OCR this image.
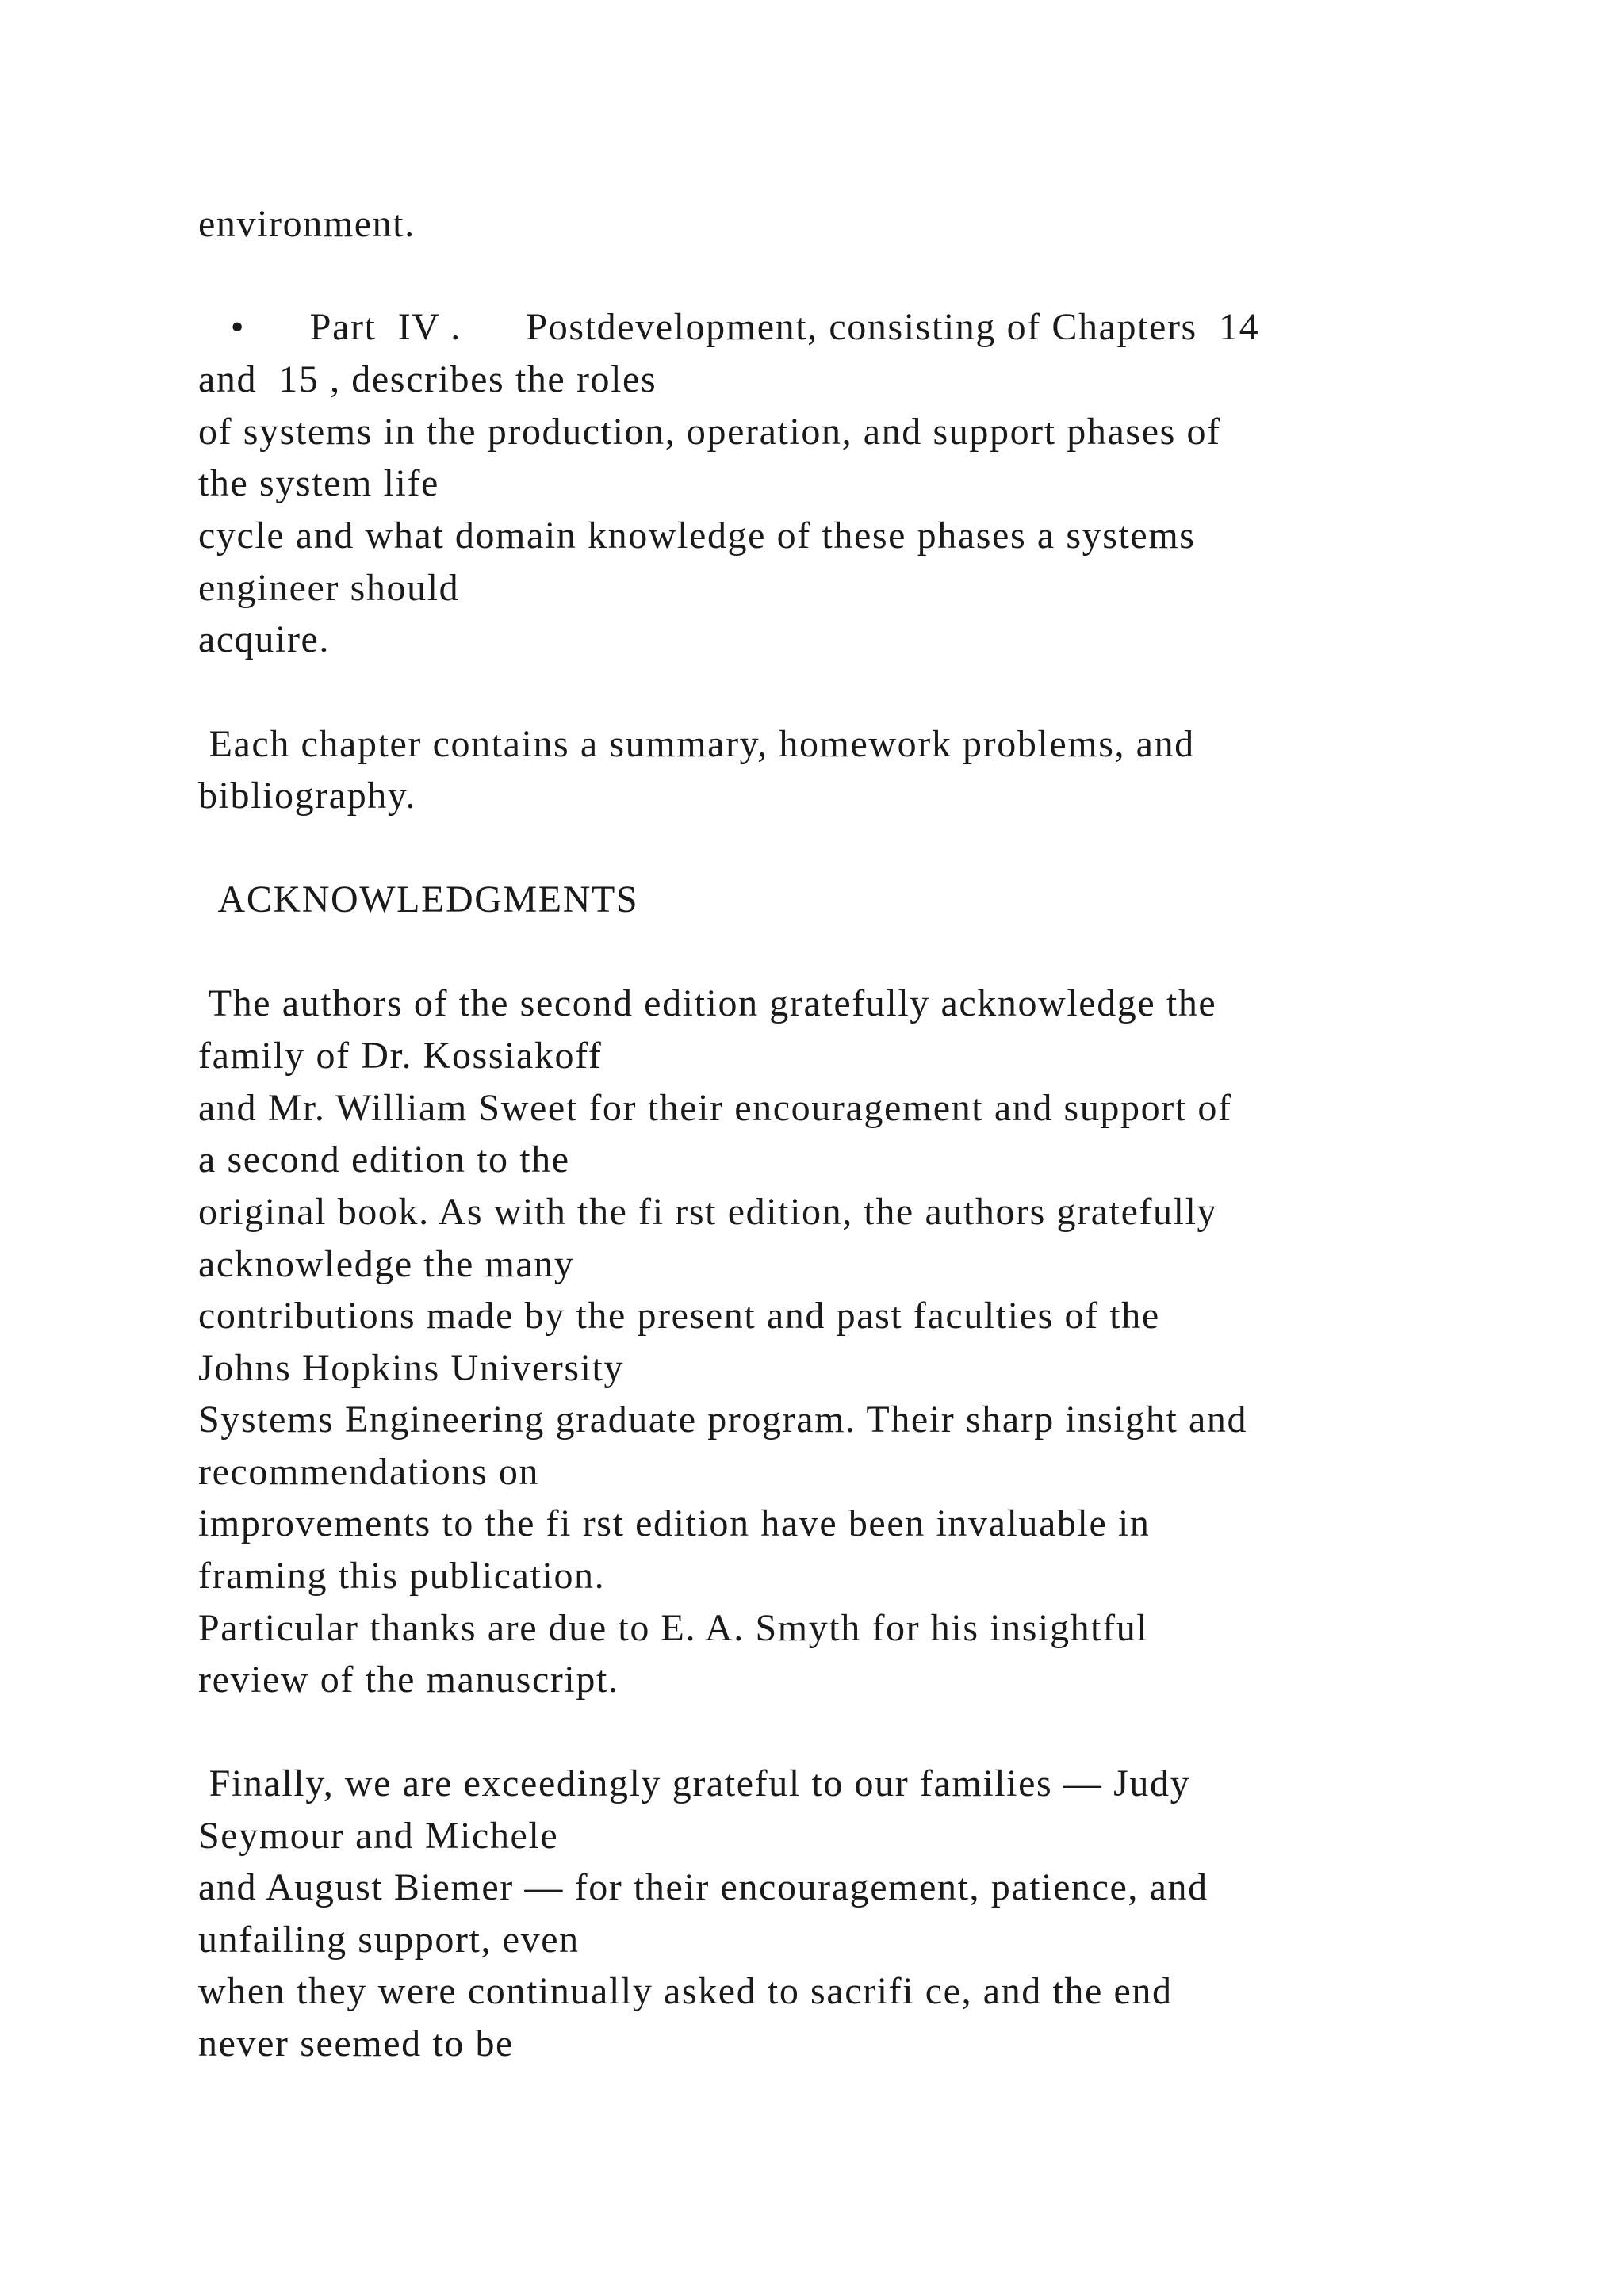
environment.

•      Part  IV .      Postdevelopment, consisting of Chapters  14

and  15 , describes the roles

of systems in the production, operation, and support phases of

the system life

cycle and what domain knowledge of these phases a systems

engineer should

acquire.

Each chapter contains a summary, homework problems, and

bibliography.

ACKNOWLEDGMENTS

The authors of the second edition gratefully acknowledge the

family of Dr. Kossiakoff

and Mr. William Sweet for their encouragement and support of

a second edition to the

original book. As with the fi rst edition, the authors gratefully

acknowledge the many

contributions made by the present and past faculties of the

Johns Hopkins University

Systems Engineering graduate program. Their sharp insight and

recommendations on

improvements to the fi rst edition have been invaluable in

framing this publication.

Particular thanks are due to E. A. Smyth for his insightful

review of the manuscript.

Finally, we are exceedingly grateful to our families — Judy

Seymour and Michele

and August Biemer — for their encouragement, patience, and

unfailing support, even

when they were continually asked to sacrifi ce, and the end

never seemed to be
